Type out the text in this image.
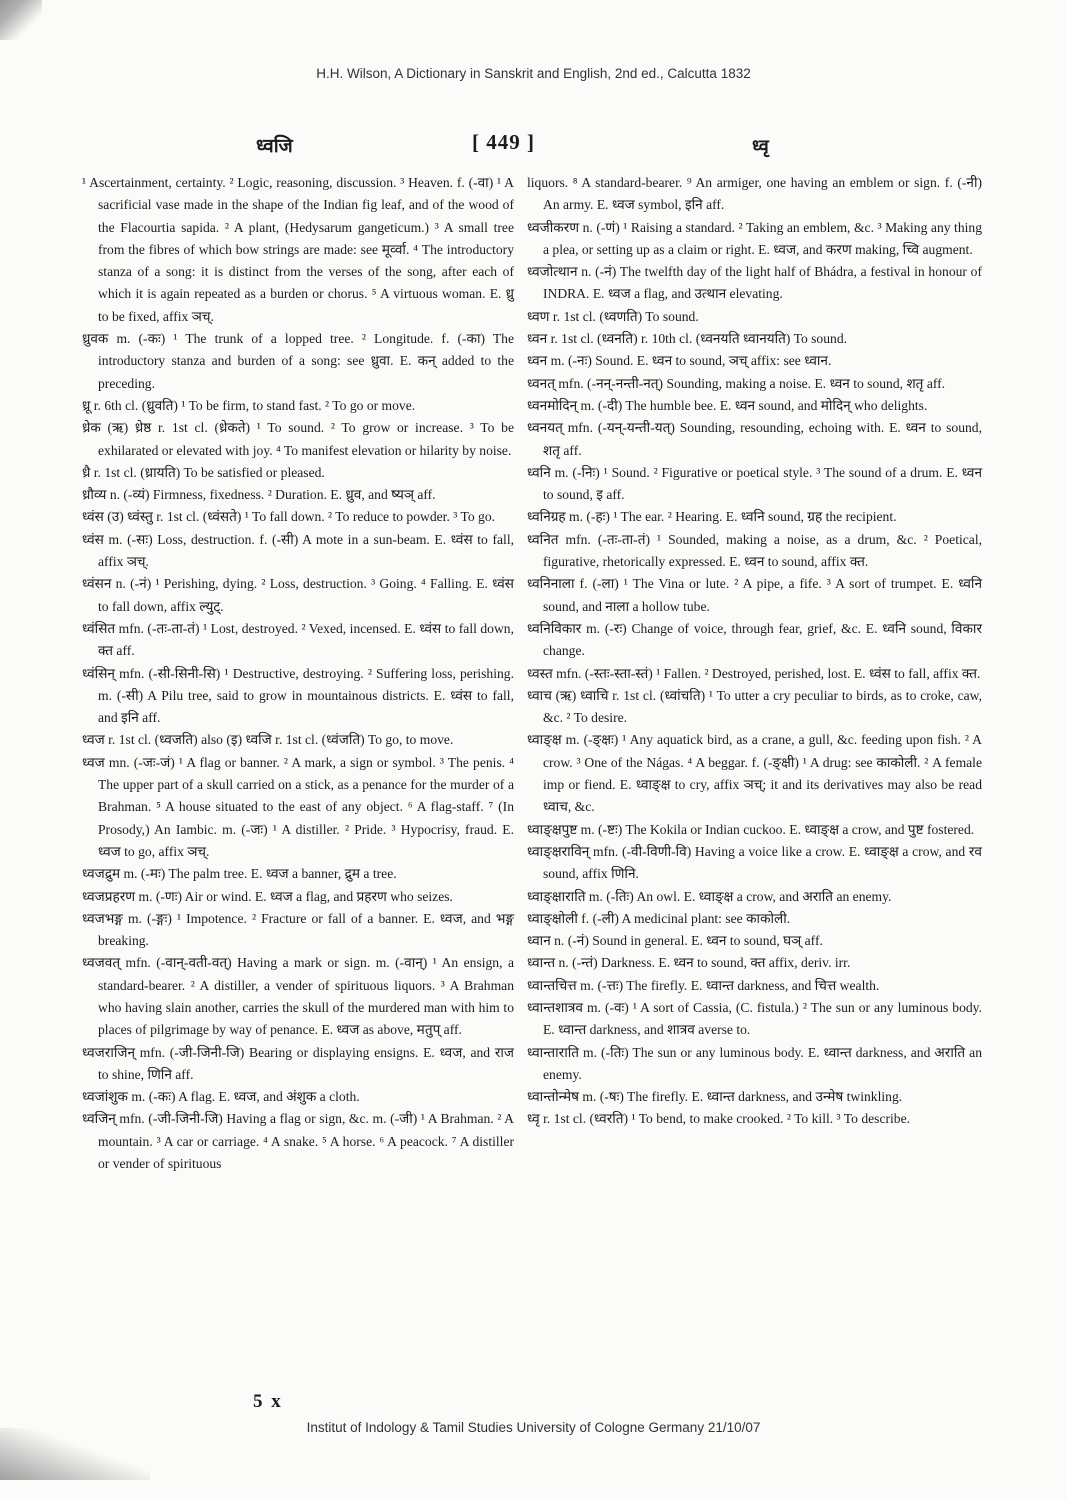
H.H. Wilson, A Dictionary in Sanskrit and English, 2nd ed., Calcutta 1832
ध्वजि	[ 449 ]	ध्वृ

¹ Ascertainment, certainty. ² Logic, reasoning, discussion. ³ Heaven. f. (-वा) ¹ A sacrificial vase made in the shape of the Indian fig leaf, and of the wood of the Flacourtia sapida. ² A plant, (Hedysarum gangeticum.) ³ A small tree from the fibres of which bow strings are made: see मूर्व्वा. ⁴ The introductory stanza of a song: it is distinct from the verses of the song, after each of which it is again repeated as a burden or chorus. ⁵ A virtuous woman. E. ध्रु to be fixed, affix ञच्.

ध्रुवक m. (-कः) ¹ The trunk of a lopped tree. ² Longitude. f. (-का) The introductory stanza and burden of a song: see ध्रुवा. E. कन् added to the preceding.

ध्रू r. 6th cl. (ध्रुवति) ¹ To be firm, to stand fast. ² To go or move.

ध्रेक (ऋ) ध्रेष्ठ r. 1st cl. (ध्रेकते) ¹ To sound. ² To grow or increase. ³ To be exhilarated or elevated with joy. ⁴ To manifest elevation or hilarity by noise.

ध्रै r. 1st cl. (ध्रायति) To be satisfied or pleased.

ध्रौव्य n. (-व्यं) Firmness, fixedness. ² Duration. E. ध्रुव, and ष्यञ् aff.

ध्वंस (उ) ध्वंस्तु r. 1st cl. (ध्वंसते) ¹ To fall down. ² To reduce to powder. ³ To go.

ध्वंस m. (-सः) Loss, destruction. f. (-सी) A mote in a sun-beam. E. ध्वंस to fall, affix ञच्.

ध्वंसन n. (-नं) ¹ Perishing, dying. ² Loss, destruction. ³ Going. ⁴ Falling. E. ध्वंस to fall down, affix ल्युट्.

ध्वंसित mfn. (-तः-ता-तं) ¹ Lost, destroyed. ² Vexed, incensed. E. ध्वंस to fall down, क्त aff.

ध्वंसिन् mfn. (-सी-सिनी-सि) ¹ Destructive, destroying. ² Suffering loss, perishing. m. (-सी) A Pilu tree, said to grow in mountainous districts. E. ध्वंस to fall, and इनि aff.

ध्वज r. 1st cl. (ध्वजति) also (इ) ध्वजि r. 1st cl. (ध्वंजति) To go, to move.

ध्वज mn. (-जः-जं) ¹ A flag or banner. ² A mark, a sign or symbol. ³ The penis. ⁴ The upper part of a skull carried on a stick, as a penance for the murder of a Brahman. ⁵ A house situated to the east of any object. ⁶ A flag-staff. ⁷ (In Prosody,) An Iambic. m. (-जः) ¹ A distiller. ² Pride. ³ Hypocrisy, fraud. E. ध्वज to go, affix ञच्.

ध्वजद्रुम m. (-मः) The palm tree. E. ध्वज a banner, द्रुम a tree.

ध्वजप्रहरण m. (-णः) Air or wind. E. ध्वज a flag, and प्रहरण who seizes.

ध्वजभङ्ग m. (-ङ्गः) ¹ Impotence. ² Fracture or fall of a banner. E. ध्वज, and भङ्ग breaking.

ध्वजवत् mfn. (-वान्-वती-वत्) Having a mark or sign. m. (-वान्) ¹ An ensign, a standard-bearer. ² A distiller, a vender of spirituous liquors. ³ A Brahman who having slain another, carries the skull of the murdered man with him to places of pilgrimage by way of penance. E. ध्वज as above, मतुप् aff.

ध्वजराजिन् mfn. (-जी-जिनी-जि) Bearing or displaying ensigns. E. ध्वज, and राज to shine, णिनि aff.

ध्वजांशुक m. (-कः) A flag. E. ध्वज, and अंशुक a cloth.

ध्वजिन् mfn. (-जी-जिनी-जि) Having a flag or sign, &c. m. (-जी) ¹ A Brahman. ² A mountain. ³ A car or carriage. ⁴ A snake. ⁵ A horse. ⁶ A peacock. ⁷ A distiller or vender of spirituous

liquors. ⁸ A standard-bearer. ⁹ An armiger, one having an emblem or sign. f. (-नी) An army. E. ध्वज symbol, इनि aff.

ध्वजीकरण n. (-णं) ¹ Raising a standard. ² Taking an emblem, &c. ³ Making any thing a plea, or setting up as a claim or right. E. ध्वज, and करण making, च्वि augment.

ध्वजोत्थान n. (-नं) The twelfth day of the light half of Bhádra, a festival in honour of INDRA. E. ध्वज a flag, and उत्थान elevating.

ध्वण r. 1st cl. (ध्वणति) To sound.

ध्वन r. 1st cl. (ध्वनति) r. 10th cl. (ध्वनयति ध्वानयति) To sound.

ध्वन m. (-नः) Sound. E. ध्वन to sound, ञच् affix: see ध्वान.

ध्वनत् mfn. (-नन्-नन्ती-नत्) Sounding, making a noise. E. ध्वन to sound, शतृ aff.

ध्वनमोदिन् m. (-दी) The humble bee. E. ध्वन sound, and मोदिन् who delights.

ध्वनयत् mfn. (-यन्-यन्ती-यत्) Sounding, resounding, echoing with. E. ध्वन to sound, शतृ aff.

ध्वनि m. (-निः) ¹ Sound. ² Figurative or poetical style. ³ The sound of a drum. E. ध्वन to sound, इ aff.

ध्वनिग्रह m. (-हः) ¹ The ear. ² Hearing. E. ध्वनि sound, ग्रह the recipient.

ध्वनित mfn. (-तः-ता-तं) ¹ Sounded, making a noise, as a drum, &c. ² Poetical, figurative, rhetorically expressed. E. ध्वन to sound, affix क्त.

ध्वनिनाला f. (-ला) ¹ The Vina or lute. ² A pipe, a fife. ³ A sort of trumpet. E. ध्वनि sound, and नाला a hollow tube.

ध्वनिविकार m. (-रः) Change of voice, through fear, grief, &c. E. ध्वनि sound, विकार change.

ध्वस्त mfn. (-स्तः-स्ता-स्तं) ¹ Fallen. ² Destroyed, perished, lost. E. ध्वंस to fall, affix क्त.

ध्वाच (ऋ) ध्वाचि r. 1st cl. (ध्वांचति) ¹ To utter a cry peculiar to birds, as to croke, caw, &c. ² To desire.

ध्वाङ्क्ष m. (-ङ्क्षः) ¹ Any aquatick bird, as a crane, a gull, &c. feeding upon fish. ² A crow. ³ One of the Nágas. ⁴ A beggar. f. (-ङ्क्षी) ¹ A drug: see काकोली. ² A female imp or fiend. E. ध्वाङ्क्ष to cry, affix ञच्; it and its derivatives may also be read ध्वाच, &c.

ध्वाङ्क्षपुष्ट m. (-ष्टः) The Kokila or Indian cuckoo. E. ध्वाङ्क्ष a crow, and पुष्ट fostered.

ध्वाङ्क्षराविन् mfn. (-वी-विणी-वि) Having a voice like a crow. E. ध्वाङ्क्ष a crow, and रव sound, affix णिनि.

ध्वाङ्क्षाराति m. (-तिः) An owl. E. ध्वाङ्क्ष a crow, and अराति an enemy.

ध्वाङ्क्षोली f. (-ली) A medicinal plant: see काकोली.

ध्वान n. (-नं) Sound in general. E. ध्वन to sound, घञ् aff.

ध्वान्त n. (-न्तं) Darkness. E. ध्वन to sound, क्त affix, deriv. irr.

ध्वान्तचित्त m. (-त्तः) The firefly. E. ध्वान्त darkness, and चित्त wealth.

ध्वान्तशात्रव m. (-वः) ¹ A sort of Cassia, (C. fistula.) ² The sun or any luminous body. E. ध्वान्त darkness, and शात्रव averse to.

ध्वान्ताराति m. (-तिः) The sun or any luminous body. E. ध्वान्त darkness, and अराति an enemy.

ध्वान्तोन्मेष m. (-षः) The firefly. E. ध्वान्त darkness, and उन्मेष twinkling.

ध्वृ r. 1st cl. (ध्वरति) ¹ To bend, to make crooked. ² To kill. ³ To describe.

5 x
Institut of Indology & Tamil Studies University of Cologne Germany 21/10/07
